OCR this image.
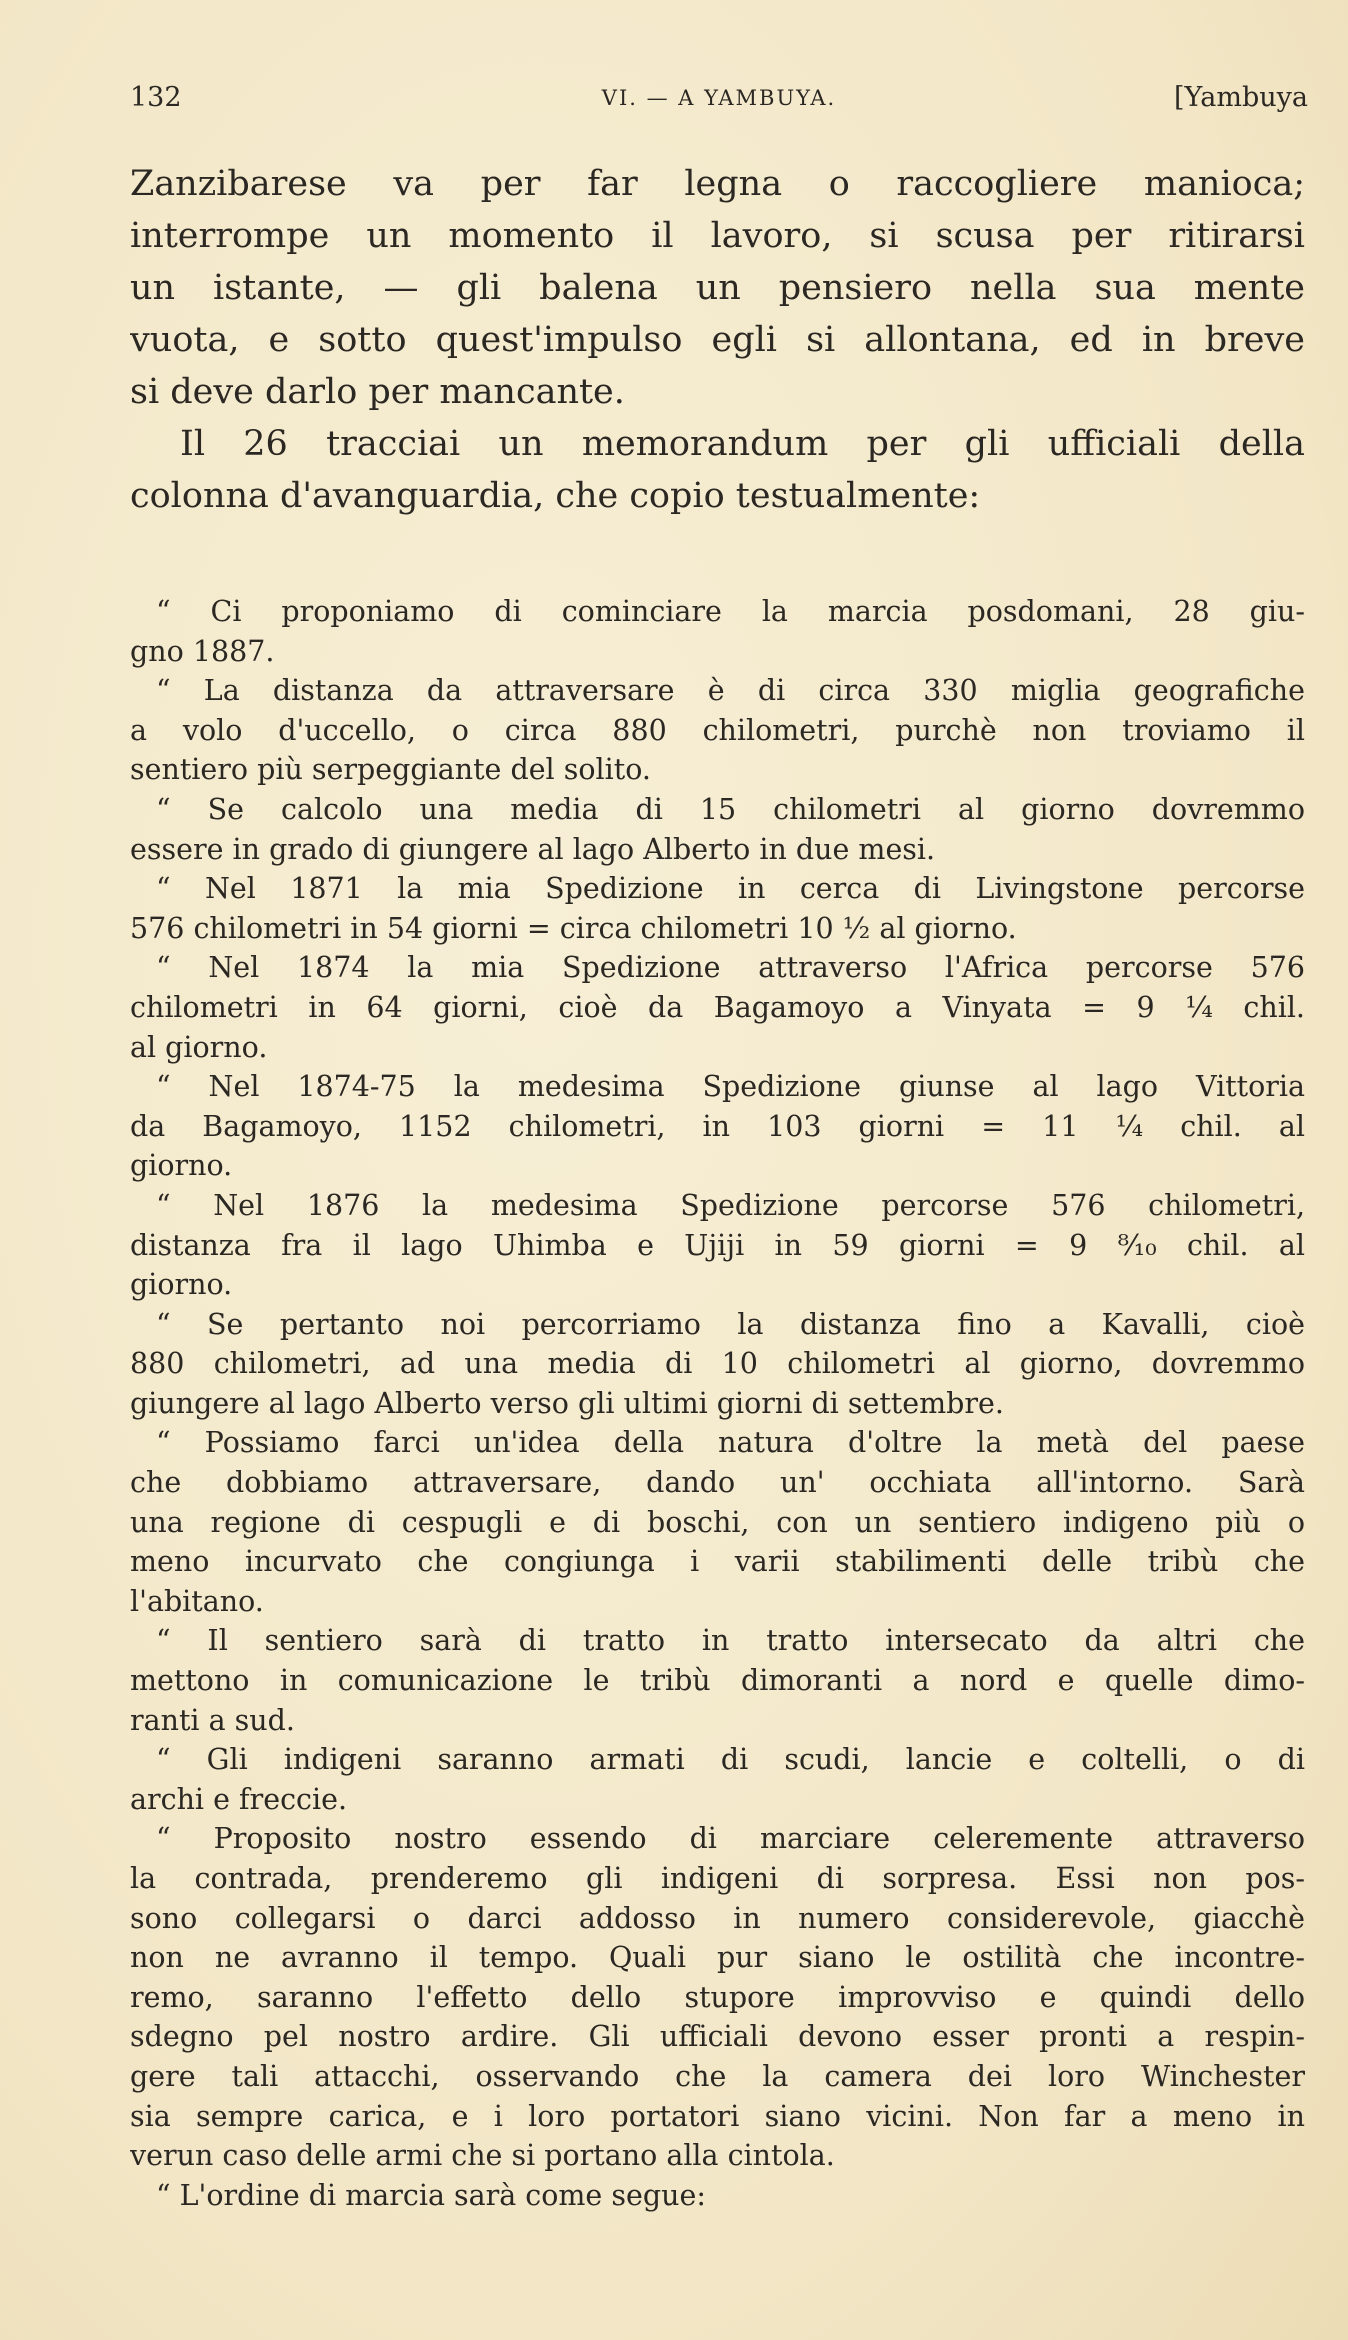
132	VI. — A YAMBUYA.	[Yambuya
Zanzibarese va per far legna o raccogliere manioca;
interrompe un momento il lavoro, si scusa per ritirarsi
un istante, — gli balena un pensiero nella sua mente
vuota, e sotto quest'impulso egli si allontana, ed in breve
si deve darlo per mancante.
Il 26 tracciai un memorandum per gli ufficiali della
colonna d'avanguardia, che copio testualmente:
“ Ci proponiamo di cominciare la marcia posdomani, 28 giu-
gno 1887.
“ La distanza da attraversare è di circa 330 miglia geografiche
a volo d'uccello, o circa 880 chilometri, purchè non troviamo il
sentiero più serpeggiante del solito.
“ Se calcolo una media di 15 chilometri al giorno dovremmo
essere in grado di giungere al lago Alberto in due mesi.
“ Nel 1871 la mia Spedizione in cerca di Livingstone percorse
576 chilometri in 54 giorni = circa chilometri 10 ½ al giorno.
“ Nel 1874 la mia Spedizione attraverso l'Africa percorse 576
chilometri in 64 giorni, cioè da Bagamoyo a Vinyata = 9 ¼ chil.
al giorno.
“ Nel 1874-75 la medesima Spedizione giunse al lago Vittoria
da Bagamoyo, 1152 chilometri, in 103 giorni = 11 ¼ chil. al
giorno.
“ Nel 1876 la medesima Spedizione percorse 576 chilometri,
distanza fra il lago Uhimba e Ujiji in 59 giorni = 9 ⁸⁄₁₀ chil. al
giorno.
“ Se pertanto noi percorriamo la distanza fino a Kavalli, cioè
880 chilometri, ad una media di 10 chilometri al giorno, dovremmo
giungere al lago Alberto verso gli ultimi giorni di settembre.
“ Possiamo farci un'idea della natura d'oltre la metà del paese
che dobbiamo attraversare, dando un' occhiata all'intorno. Sarà
una regione di cespugli e di boschi, con un sentiero indigeno più o
meno incurvato che congiunga i varii stabilimenti delle tribù che
l'abitano.
“ Il sentiero sarà di tratto in tratto intersecato da altri che
mettono in comunicazione le tribù dimoranti a nord e quelle dimo-
ranti a sud.
“ Gli indigeni saranno armati di scudi, lancie e coltelli, o di
archi e freccie.
“ Proposito nostro essendo di marciare celeremente attraverso
la contrada, prenderemo gli indigeni di sorpresa. Essi non pos-
sono collegarsi o darci addosso in numero considerevole, giacchè
non ne avranno il tempo. Quali pur siano le ostilità che incontre-
remo, saranno l'effetto dello stupore improvviso e quindi dello
sdegno pel nostro ardire. Gli ufficiali devono esser pronti a respin-
gere tali attacchi, osservando che la camera dei loro Winchester
sia sempre carica, e i loro portatori siano vicini. Non far a meno in
verun caso delle armi che si portano alla cintola.
“ L'ordine di marcia sarà come segue:
